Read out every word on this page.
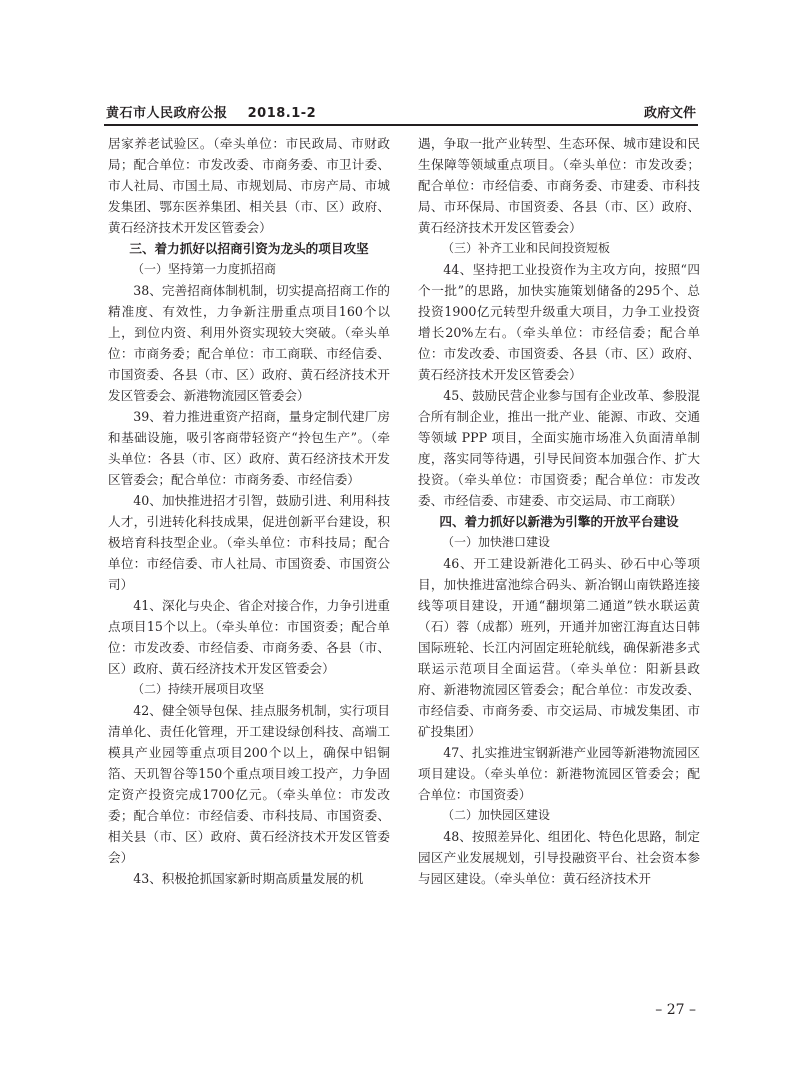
黄石市人民政府公报    2018.1-2	政府文件

居家养老试验区。（牵头单位：市民政局、市财政局；配合单位：市发改委、市商务委、市卫计委、市人社局、市国土局、市规划局、市房产局、市城发集团、鄂东医养集团、相关县（市、区）政府、黄石经济技术开发区管委会）

三、着力抓好以招商引资为龙头的项目攻坚

（一）坚持第一力度抓招商

38、完善招商体制机制，切实提高招商工作的精准度、有效性，力争新注册重点项目160个以上，到位内资、利用外资实现较大突破。（牵头单位：市商务委；配合单位：市工商联、市经信委、市国资委、各县（市、区）政府、黄石经济技术开发区管委会、新港物流园区管委会）

39、着力推进重资产招商，量身定制代建厂房和基础设施，吸引客商带轻资产“拎包生产”。（牵头单位：各县（市、区）政府、黄石经济技术开发区管委会；配合单位：市商务委、市经信委）

40、加快推进招才引智，鼓励引进、利用科技人才，引进转化科技成果，促进创新平台建设，积极培育科技型企业。（牵头单位：市科技局；配合单位：市经信委、市人社局、市国资委、市国资公司）

41、深化与央企、省企对接合作，力争引进重点项目15个以上。（牵头单位：市国资委；配合单位：市发改委、市经信委、市商务委、各县（市、区）政府、黄石经济技术开发区管委会）

（二）持续开展项目攻坚

42、健全领导包保、挂点服务机制，实行项目清单化、责任化管理，开工建设绿创科技、高端工模具产业园等重点项目200个以上，确保中铝铜箔、天玑智谷等150个重点项目竣工投产，力争固定资产投资完成1700亿元。（牵头单位：市发改委；配合单位：市经信委、市科技局、市国资委、相关县（市、区）政府、黄石经济技术开发区管委会）

43、积极抢抓国家新时期高质量发展的机

遇，争取一批产业转型、生态环保、城市建设和民生保障等领域重点项目。（牵头单位：市发改委；配合单位：市经信委、市商务委、市建委、市科技局、市环保局、市国资委、各县（市、区）政府、黄石经济技术开发区管委会）

（三）补齐工业和民间投资短板

44、坚持把工业投资作为主攻方向，按照“四个一批”的思路，加快实施策划储备的295个、总投资1900亿元转型升级重大项目，力争工业投资增长20%左右。（牵头单位：市经信委；配合单位：市发改委、市国资委、各县（市、区）政府、黄石经济技术开发区管委会）

45、鼓励民营企业参与国有企业改革、参股混合所有制企业，推出一批产业、能源、市政、交通等领域 PPP 项目，全面实施市场准入负面清单制度，落实同等待遇，引导民间资本加强合作、扩大投资。（牵头单位：市国资委；配合单位：市发改委、市经信委、市建委、市交运局、市工商联）

四、着力抓好以新港为引擎的开放平台建设

（一）加快港口建设

46、开工建设新港化工码头、砂石中心等项目，加快推进富池综合码头、新冶钢山南铁路连接线等项目建设，开通“翻坝第二通道”铁水联运黄（石）蓉（成都）班列，开通并加密江海直达日韩国际班轮、长江内河固定班轮航线，确保新港多式联运示范项目全面运营。（牵头单位：阳新县政府、新港物流园区管委会；配合单位：市发改委、市经信委、市商务委、市交运局、市城发集团、市矿投集团）

47、扎实推进宝钢新港产业园等新港物流园区项目建设。（牵头单位：新港物流园区管委会；配合单位：市国资委）

（二）加快园区建设

48、按照差异化、组团化、特色化思路，制定园区产业发展规划，引导投融资平台、社会资本参与园区建设。（牵头单位：黄石经济技术开

– 27 –
